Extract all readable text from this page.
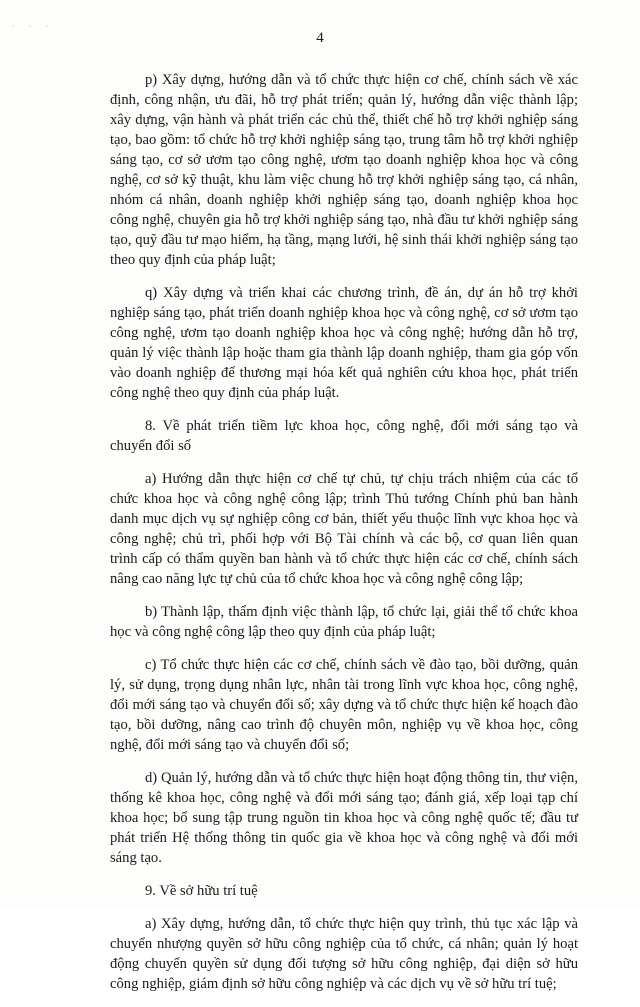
· · ·
4

p) Xây dựng, hướng dẫn và tổ chức thực hiện cơ chế, chính sách về xác định, công nhận, ưu đãi, hỗ trợ phát triển; quản lý, hướng dẫn việc thành lập; xây dựng, vận hành và phát triển các chủ thể, thiết chế hỗ trợ khởi nghiệp sáng tạo, bao gồm: tổ chức hỗ trợ khởi nghiệp sáng tạo, trung tâm hỗ trợ khởi nghiệp sáng tạo, cơ sở ươm tạo công nghệ, ươm tạo doanh nghiệp khoa học và công nghệ, cơ sở kỹ thuật, khu làm việc chung hỗ trợ khởi nghiệp sáng tạo, cá nhân, nhóm cá nhân, doanh nghiệp khởi nghiệp sáng tạo, doanh nghiệp khoa học công nghệ, chuyên gia hỗ trợ khởi nghiệp sáng tạo, nhà đầu tư khởi nghiệp sáng tạo, quỹ đầu tư mạo hiểm, hạ tầng, mạng lưới, hệ sinh thái khởi nghiệp sáng tạo theo quy định của pháp luật;

q) Xây dựng và triển khai các chương trình, đề án, dự án hỗ trợ khởi nghiệp sáng tạo, phát triển doanh nghiệp khoa học và công nghệ, cơ sở ươm tạo công nghệ, ươm tạo doanh nghiệp khoa học và công nghệ; hướng dẫn hỗ trợ, quản lý việc thành lập hoặc tham gia thành lập doanh nghiệp, tham gia góp vốn vào doanh nghiệp để thương mại hóa kết quả nghiên cứu khoa học, phát triển công nghệ theo quy định của pháp luật.

8. Về phát triển tiềm lực khoa học, công nghệ, đổi mới sáng tạo và chuyển đổi số

a) Hướng dẫn thực hiện cơ chế tự chủ, tự chịu trách nhiệm của các tổ chức khoa học và công nghệ công lập; trình Thủ tướng Chính phủ ban hành danh mục dịch vụ sự nghiệp công cơ bản, thiết yếu thuộc lĩnh vực khoa học và công nghệ; chủ trì, phối hợp với Bộ Tài chính và các bộ, cơ quan liên quan trình cấp có thẩm quyền ban hành và tổ chức thực hiện các cơ chế, chính sách nâng cao năng lực tự chủ của tổ chức khoa học và công nghệ công lập;

b) Thành lập, thẩm định việc thành lập, tổ chức lại, giải thể tổ chức khoa học và công nghệ công lập theo quy định của pháp luật;

c) Tổ chức thực hiện các cơ chế, chính sách về đào tạo, bồi dưỡng, quản lý, sử dụng, trọng dụng nhân lực, nhân tài trong lĩnh vực khoa học, công nghệ, đổi mới sáng tạo và chuyển đổi số; xây dựng và tổ chức thực hiện kế hoạch đào tạo, bồi dưỡng, nâng cao trình độ chuyên môn, nghiệp vụ về khoa học, công nghệ, đổi mới sáng tạo và chuyển đổi số;

d) Quản lý, hướng dẫn và tổ chức thực hiện hoạt động thông tin, thư viện, thống kê khoa học, công nghệ và đổi mới sáng tạo; đánh giá, xếp loại tạp chí khoa học; bổ sung tập trung nguồn tin khoa học và công nghệ quốc tế; đầu tư phát triển Hệ thống thông tin quốc gia về khoa học và công nghệ và đổi mới sáng tạo.

9. Về sở hữu trí tuệ

a) Xây dựng, hướng dẫn, tổ chức thực hiện quy trình, thủ tục xác lập và chuyển nhượng quyền sở hữu công nghiệp của tổ chức, cá nhân; quản lý hoạt động chuyển quyền sử dụng đối tượng sở hữu công nghiệp, đại diện sở hữu công nghiệp, giám định sở hữu công nghiệp và các dịch vụ về sở hữu trí tuệ;
